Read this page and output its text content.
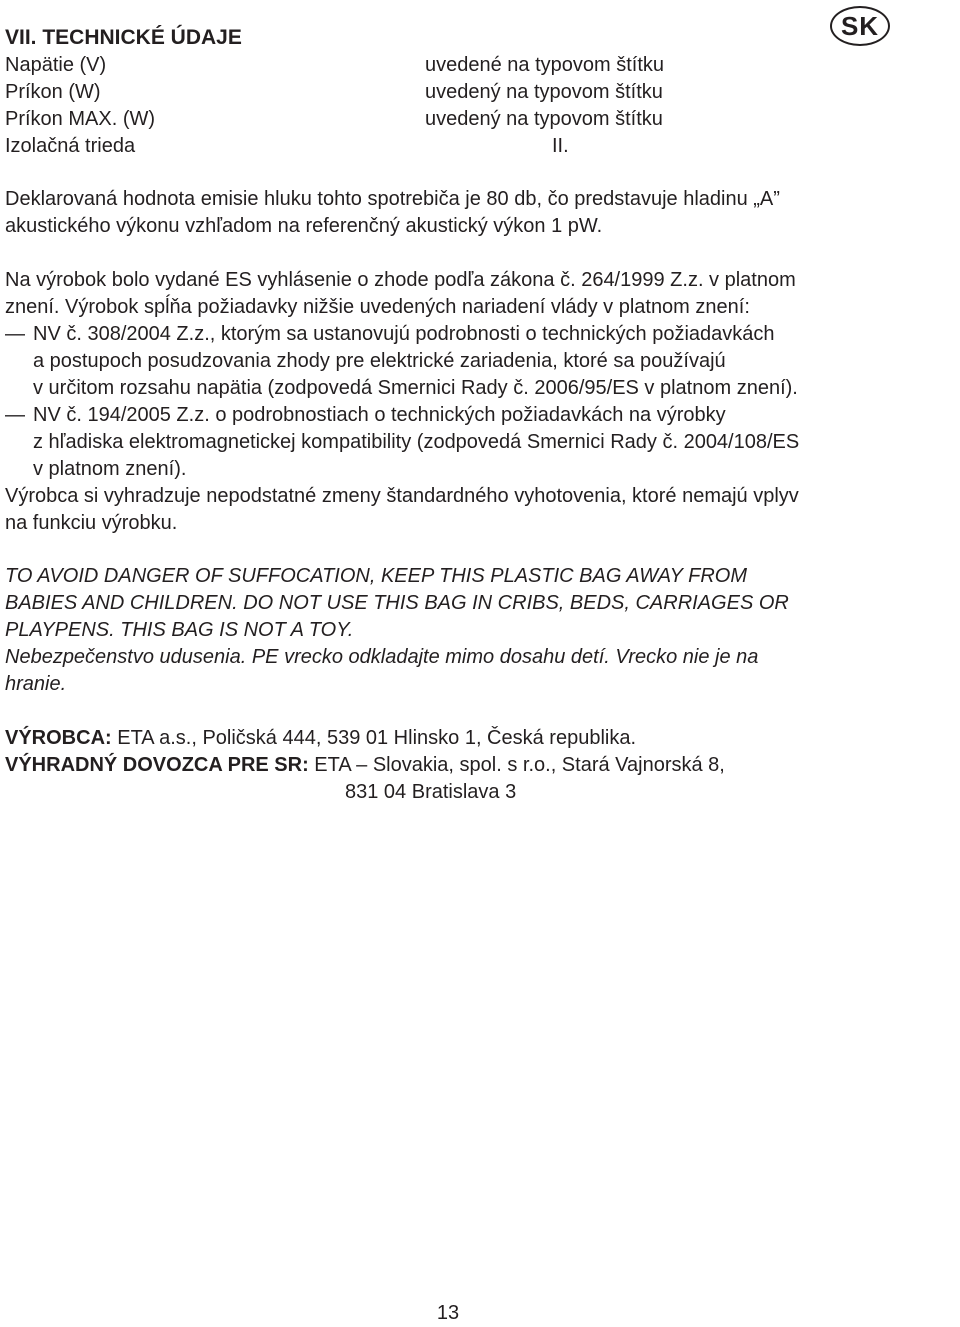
VII. TECHNICKÉ ÚDAJE	SK
Napätie (V)	uvedené na typovom štítku
Príkon (W)	uvedený na typovom štítku
Príkon MAX. (W)	uvedený na typovom štítku
Izolačná trieda	II.
Deklarovaná hodnota emisie hluku tohto spotrebiča je 80 db, čo predstavuje hladinu „A”
akustického výkonu vzhľadom na referenčný akustický výkon 1 pW.
Na výrobok bolo vydané ES vyhlásenie o zhode podľa zákona č. 264/1999 Z.z. v platnom
znení. Výrobok spĺňa požiadavky nižšie uvedených nariadení vlády v platnom znení:
— NV č. 308/2004 Z.z., ktorým sa ustanovujú podrobnosti o technických požiadavkách
a postupoch posudzovania zhody pre elektrické zariadenia, ktoré sa používajú
v určitom rozsahu napätia (zodpovedá Smernici Rady č. 2006/95/ES v platnom znení).
— NV č. 194/2005 Z.z. o podrobnostiach o technických požiadavkách na výrobky
z hľadiska elektromagnetickej kompatibility (zodpovedá Smernici Rady č. 2004/108/ES
v platnom znení).
Výrobca si vyhradzuje nepodstatné zmeny štandardného vyhotovenia, ktoré nemajú vplyv
na funkciu výrobku.
TO AVOID DANGER OF SUFFOCATION, KEEP THIS PLASTIC BAG AWAY FROM
BABIES AND CHILDREN. DO NOT USE THIS BAG IN CRIBS, BEDS, CARRIAGES OR
PLAYPENS. THIS BAG IS NOT A TOY.
Nebezpečenstvo udusenia. PE vrecko odkladajte mimo dosahu detí. Vrecko nie je na
hranie.
VÝROBCA: ETA a.s., Poličská 444, 539 01 Hlinsko 1, Česká republika.
VÝHRADNÝ DOVOZCA PRE SR: ETA – Slovakia, spol. s r.o., Stará Vajnorská 8,
831 04 Bratislava 3
13
